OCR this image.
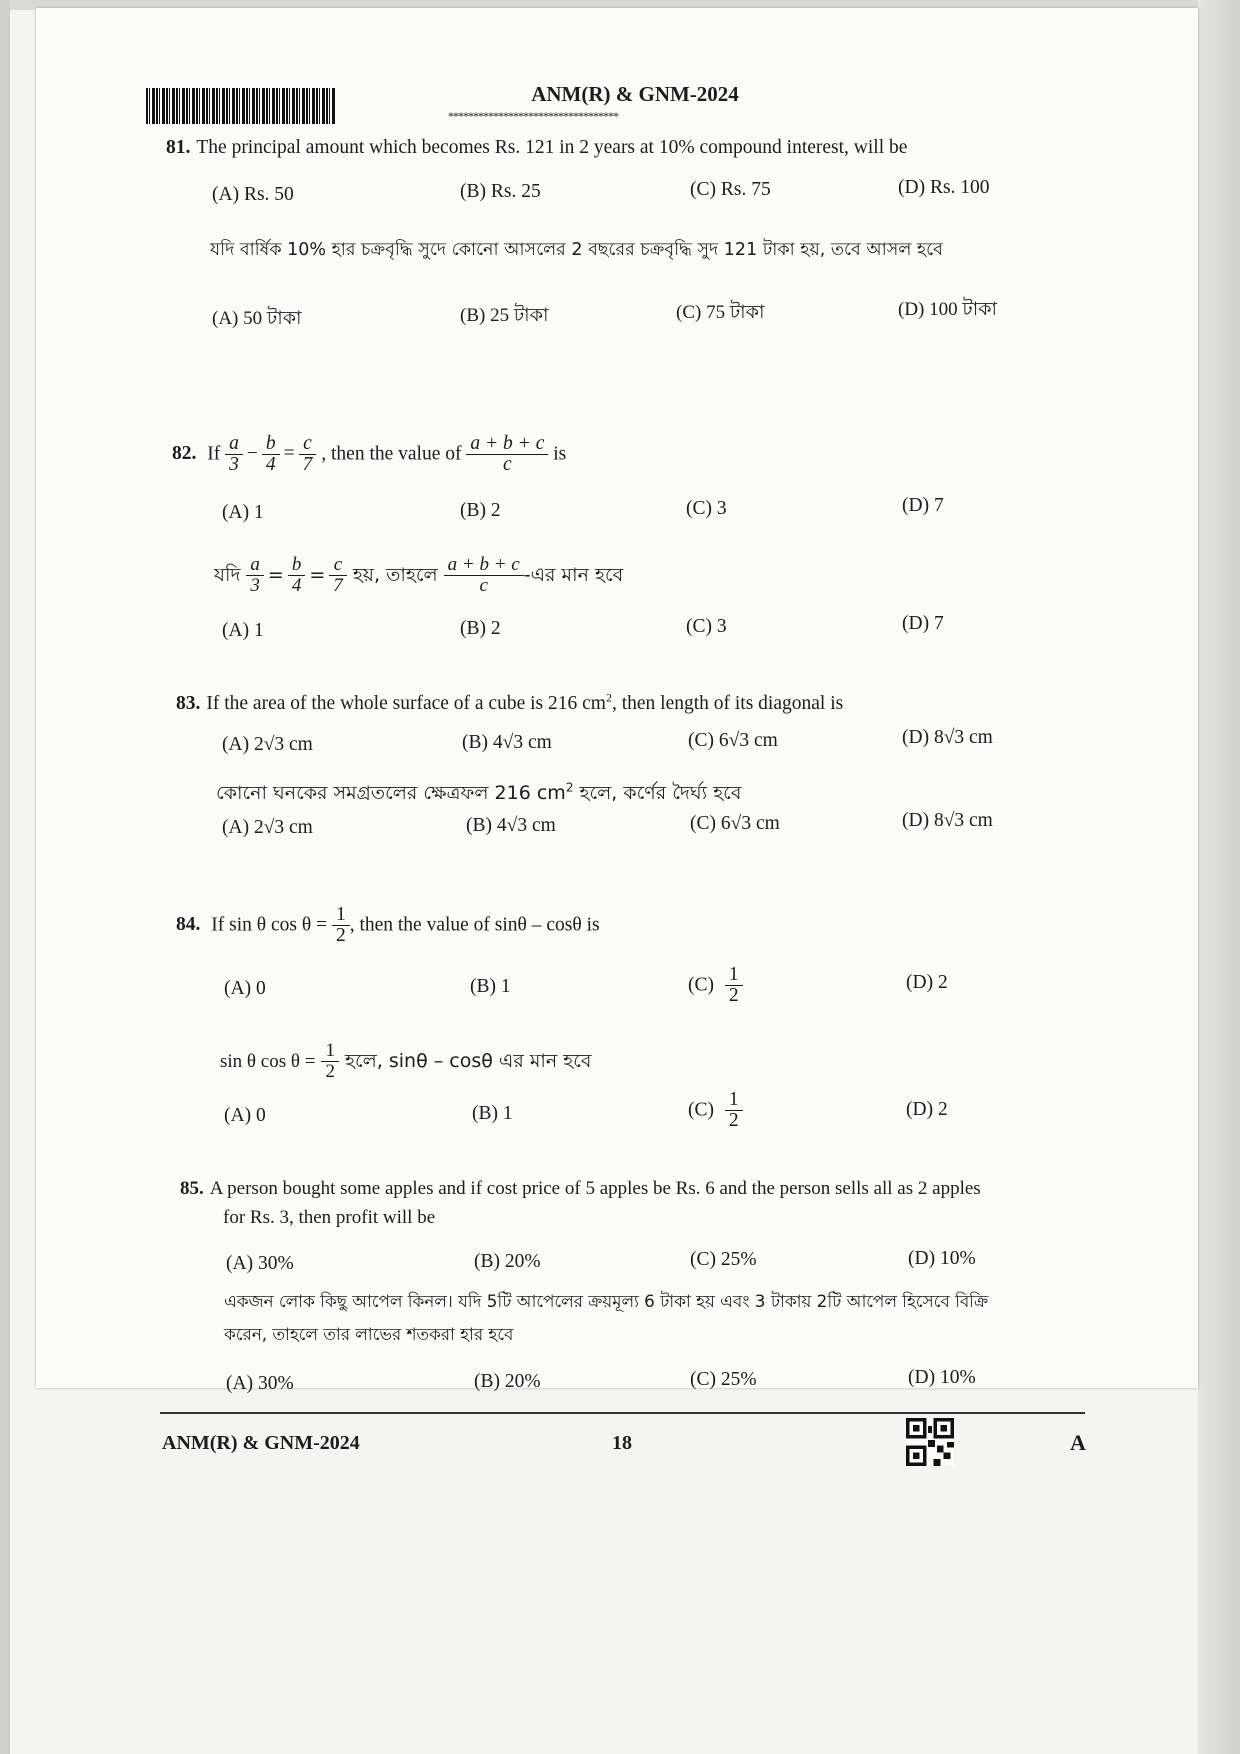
ANM(R) & GNM-2024
**********************************
81. The principal amount which becomes Rs. 121 in 2 years at 10% compound interest, will be
(A) Rs. 50	(B) Rs. 25	(C) Rs. 75	(D) Rs. 100
যদি বার্ষিক 10% হার চক্রবৃদ্ধি সুদে কোনো আসলের 2 বছরের চক্রবৃদ্ধি সুদ 121 টাকা হয়, তবে আসল হবে
(A) 50 টাকা	(B) 25 টাকা	(C) 75 টাকা	(D) 100 টাকা
82. If $\frac{a}{3} - \frac{b}{4} = \frac{c}{7}$ , then the value of $\frac{a + b + c}{c}$ is
(A) 1	(B) 2	(C) 3	(D) 7
যদি $\frac{a}{3} = \frac{b}{4} = \frac{c}{7}$ হয়, তাহলে $\frac{a + b + c}{c}$ -এর মান হবে
(A) 1	(B) 2	(C) 3	(D) 7
83. If the area of the whole surface of a cube is 216 $cm^2$, then length of its diagonal is
(A) 2√3 cm	(B) 4√3 cm	(C) 6√3 cm	(D) 8√3 cm
কোনো ঘনকের সমগ্রতলের ক্ষেত্রফল 216 $cm^2$ হলে, কর্ণের দৈর্ঘ্য হবে
(A) 2√3 cm	(B) 4√3 cm	(C) 6√3 cm	(D) 8√3 cm
84. If sin θ $\cos \theta = \frac{1}{2}$ , then the value of sinθ – cosθ is
(A) 0	(B) 1	$(C) \frac{1}{2}$	(D) 2
sin θ $\cos \theta = \frac{1}{2}$ হলে, sinθ – cosθ এর মান হবে
(A) 0	(B) 1	$(C) \frac{1}{2}$	(D) 2
85. A person bought some apples and if cost price of 5 apples be Rs. 6 and the person sells all as 2 apples
for Rs. 3, then profit will be
(A) 30%	(B) 20%	(C) 25%	(D) 10%
একজন লোক কিছু আপেল কিনল। যদি 5টি আপেলের ক্রয়মূল্য 6 টাকা হয় এবং 3 টাকায় 2টি আপেল হিসেবে বিক্রি
করেন, তাহলে তার লাভের শতকরা হার হবে
(A) 30%	(B) 20%	(C) 25%	(D) 10%
ANM(R) & GNM-2024	18	A
